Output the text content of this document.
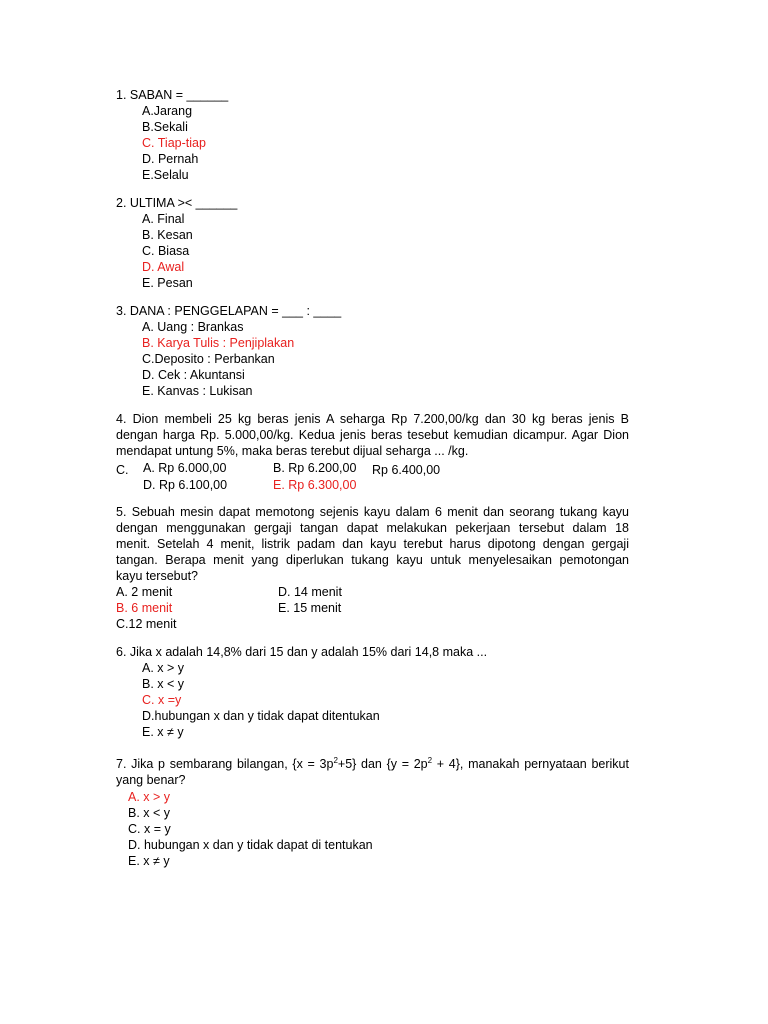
1. SABAN = ______
A.Jarang
B.Sekali
C. Tiap-tiap
D. Pernah
E.Selalu
2. ULTIMA >< ______
A. Final
B. Kesan
C. Biasa
D. Awal
E. Pesan
3. DANA : PENGGELAPAN = ___ : ____
A. Uang : Brankas
B. Karya Tulis : Penjiplakan
C.Deposito : Perbankan
D. Cek : Akuntansi
E. Kanvas : Lukisan
4. Dion membeli 25 kg beras jenis A seharga Rp 7.200,00/kg dan 30 kg beras jenis B
dengan harga Rp. 5.000,00/kg. Kedua jenis beras tesebut kemudian dicampur. Agar Dion
mendapat untung 5%, maka beras terebut dijual seharga ... /kg.
C. A. Rp 6.000,00	B. Rp 6.200,00 Rp 6.400,00
D. Rp 6.100,00	E. Rp 6.300,00
5. Sebuah mesin dapat memotong sejenis kayu dalam 6 menit dan seorang tukang kayu
dengan menggunakan gergaji tangan dapat melakukan pekerjaan tersebut dalam 18
menit. Setelah 4 menit, listrik padam dan kayu terebut harus dipotong dengan gergaji
tangan. Berapa menit yang diperlukan tukang kayu untuk menyelesaikan pemotongan
kayu tersebut?
A. 2 menit	D. 14 menit
B. 6 menit	E. 15 menit
C.12 menit
6. Jika x adalah 14,8% dari 15 dan y adalah 15% dari 14,8 maka ...
A. x > y
B. x < y
C. x =y
D.hubungan x dan y tidak dapat ditentukan
E. x ≠ y
7. Jika p sembarang bilangan, $\{x = 3p^2+5\}$ dan $\{y = 2p^2 + 4\}$, manakah pernyataan berikut
yang benar?
A. x > y
B. x < y
C. x = y
D. hubungan x dan y tidak dapat di tentukan
E. x ≠ y
